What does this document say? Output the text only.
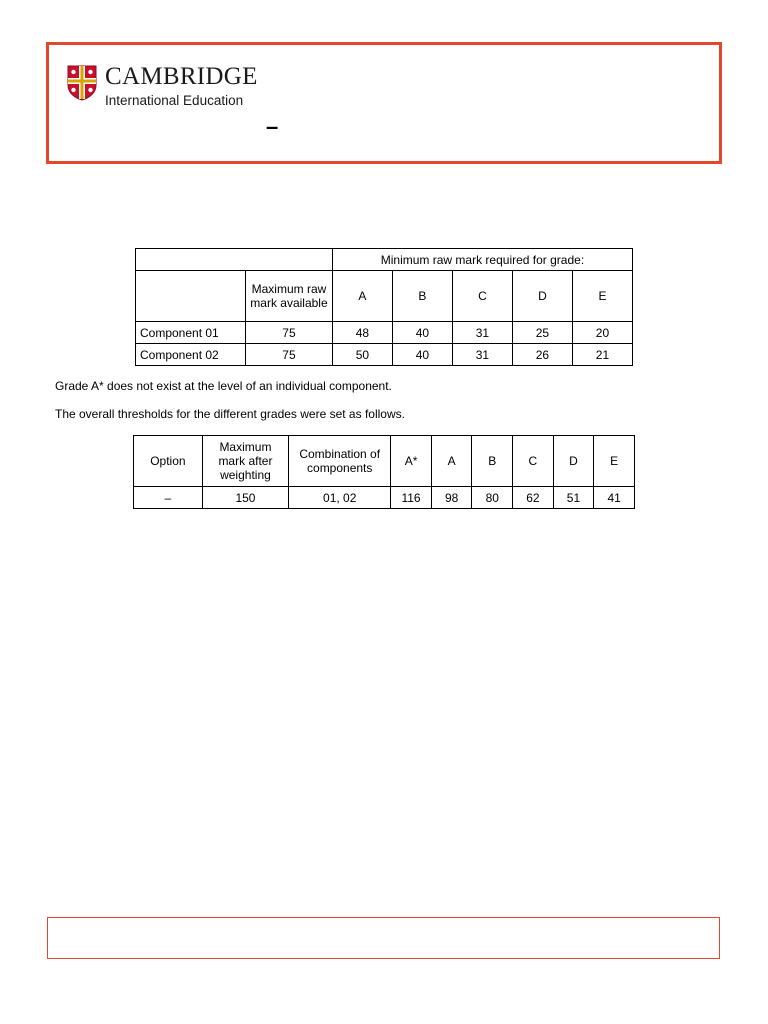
CAMBRIDGE
International Education
–
		Minimum raw mark required for grade:				
	Maximum raw mark available	A	B	C	D	E
Component 01	75	48	40	31	25	20
Component 02	75	50	40	31	26	21
Grade A* does not exist at the level of an individual component.
The overall thresholds for the different grades were set as follows.
Option	Maximum mark after weighting	Combination of components	A*	A	B	C	D	E
–	150	01, 02	116	98	80	62	51	41
